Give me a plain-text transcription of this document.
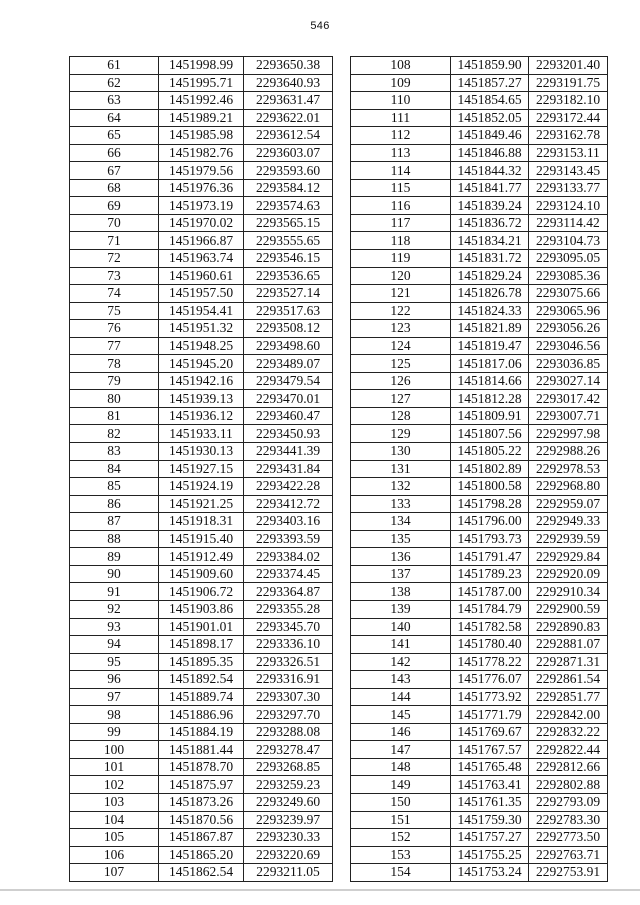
546
61	1451998.99	2293650.38
62	1451995.71	2293640.93
63	1451992.46	2293631.47
64	1451989.21	2293622.01
65	1451985.98	2293612.54
66	1451982.76	2293603.07
67	1451979.56	2293593.60
68	1451976.36	2293584.12
69	1451973.19	2293574.63
70	1451970.02	2293565.15
71	1451966.87	2293555.65
72	1451963.74	2293546.15
73	1451960.61	2293536.65
74	1451957.50	2293527.14
75	1451954.41	2293517.63
76	1451951.32	2293508.12
77	1451948.25	2293498.60
78	1451945.20	2293489.07
79	1451942.16	2293479.54
80	1451939.13	2293470.01
81	1451936.12	2293460.47
82	1451933.11	2293450.93
83	1451930.13	2293441.39
84	1451927.15	2293431.84
85	1451924.19	2293422.28
86	1451921.25	2293412.72
87	1451918.31	2293403.16
88	1451915.40	2293393.59
89	1451912.49	2293384.02
90	1451909.60	2293374.45
91	1451906.72	2293364.87
92	1451903.86	2293355.28
93	1451901.01	2293345.70
94	1451898.17	2293336.10
95	1451895.35	2293326.51
96	1451892.54	2293316.91
97	1451889.74	2293307.30
98	1451886.96	2293297.70
99	1451884.19	2293288.08
100	1451881.44	2293278.47
101	1451878.70	2293268.85
102	1451875.97	2293259.23
103	1451873.26	2293249.60
104	1451870.56	2293239.97
105	1451867.87	2293230.33
106	1451865.20	2293220.69
107	1451862.54	2293211.05
108	1451859.90	2293201.40
109	1451857.27	2293191.75
110	1451854.65	2293182.10
111	1451852.05	2293172.44
112	1451849.46	2293162.78
113	1451846.88	2293153.11
114	1451844.32	2293143.45
115	1451841.77	2293133.77
116	1451839.24	2293124.10
117	1451836.72	2293114.42
118	1451834.21	2293104.73
119	1451831.72	2293095.05
120	1451829.24	2293085.36
121	1451826.78	2293075.66
122	1451824.33	2293065.96
123	1451821.89	2293056.26
124	1451819.47	2293046.56
125	1451817.06	2293036.85
126	1451814.66	2293027.14
127	1451812.28	2293017.42
128	1451809.91	2293007.71
129	1451807.56	2292997.98
130	1451805.22	2292988.26
131	1451802.89	2292978.53
132	1451800.58	2292968.80
133	1451798.28	2292959.07
134	1451796.00	2292949.33
135	1451793.73	2292939.59
136	1451791.47	2292929.84
137	1451789.23	2292920.09
138	1451787.00	2292910.34
139	1451784.79	2292900.59
140	1451782.58	2292890.83
141	1451780.40	2292881.07
142	1451778.22	2292871.31
143	1451776.07	2292861.54
144	1451773.92	2292851.77
145	1451771.79	2292842.00
146	1451769.67	2292832.22
147	1451767.57	2292822.44
148	1451765.48	2292812.66
149	1451763.41	2292802.88
150	1451761.35	2292793.09
151	1451759.30	2292783.30
152	1451757.27	2292773.50
153	1451755.25	2292763.71
154	1451753.24	2292753.91
